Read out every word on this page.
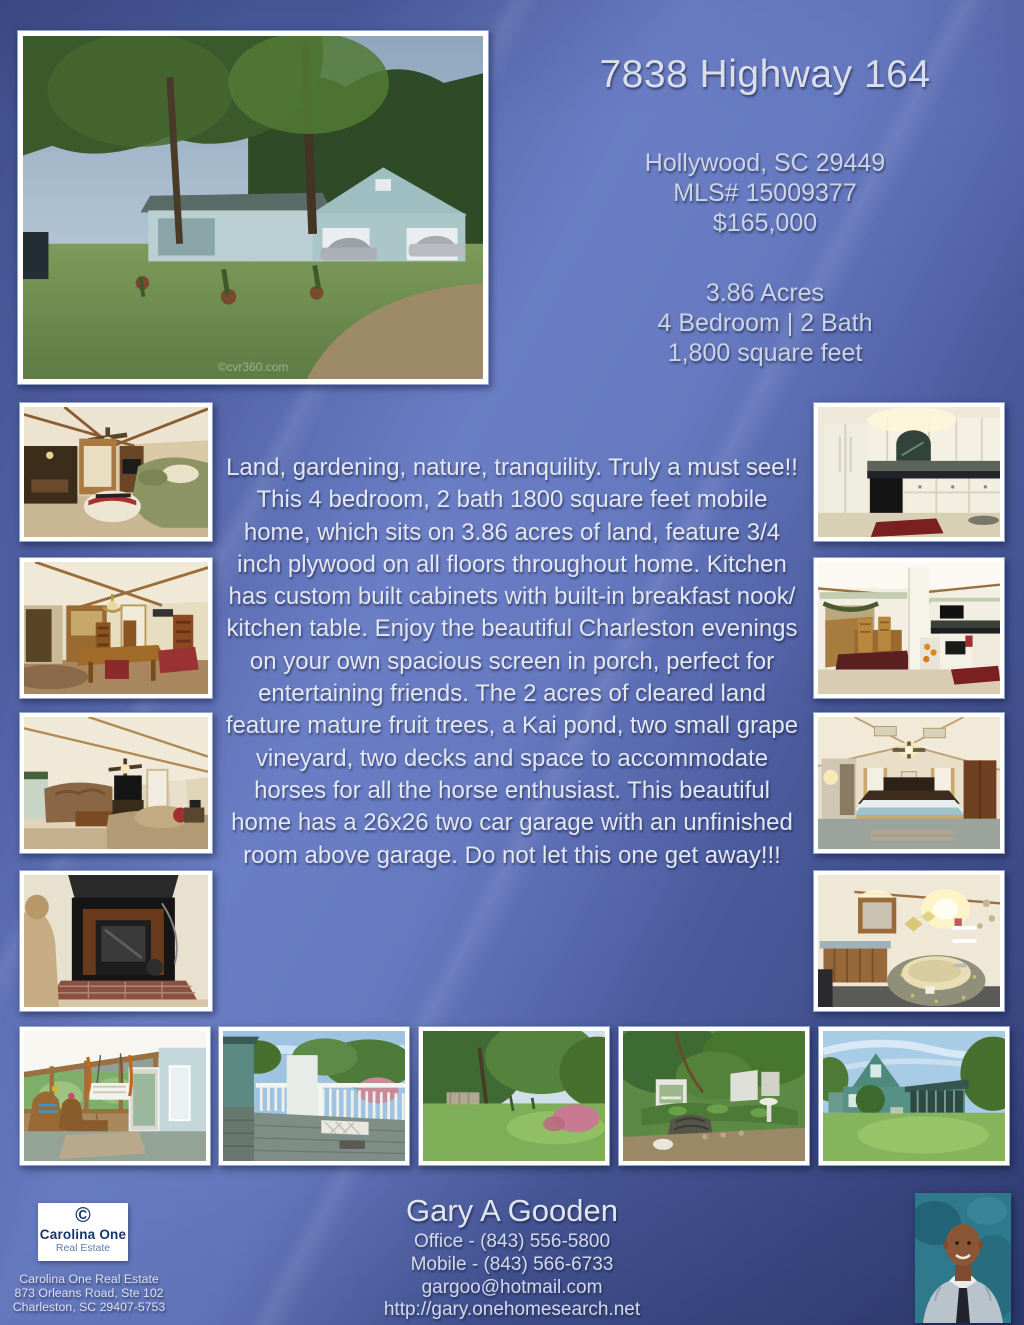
©cvr360.com
7838 Highway 164
Hollywood, SC 29449
MLS# 15009377
$165,000
3.86 Acres
4 Bedroom | 2 Bath
1,800 square feet
Land, gardening, nature, tranquility. Truly a must see!! This 4 bedroom, 2 bath 1800 square feet mobile home, which sits on 3.86 acres of land, feature 3/4 inch plywood on all floors throughout home. Kitchen has custom built cabinets with built-in breakfast nook/ kitchen table. Enjoy the beautiful Charleston evenings on your own spacious screen in porch, perfect for entertaining friends. The 2 acres of cleared land feature mature fruit trees, a Kai pond, two small grape vineyard, two decks and space to accommodate horses for all the horse enthusiast. This beautiful home has a 26x26 two car garage with an unfinished room above garage. Do not let this one get away!!!
©
Carolina One
Real Estate
Carolina One Real Estate
873 Orleans Road, Ste 102
Charleston, SC 29407-5753
Gary A Gooden
Office - (843) 556-5800
Mobile - (843) 566-6733
gargoo@hotmail.com
http://gary.onehomesearch.net
